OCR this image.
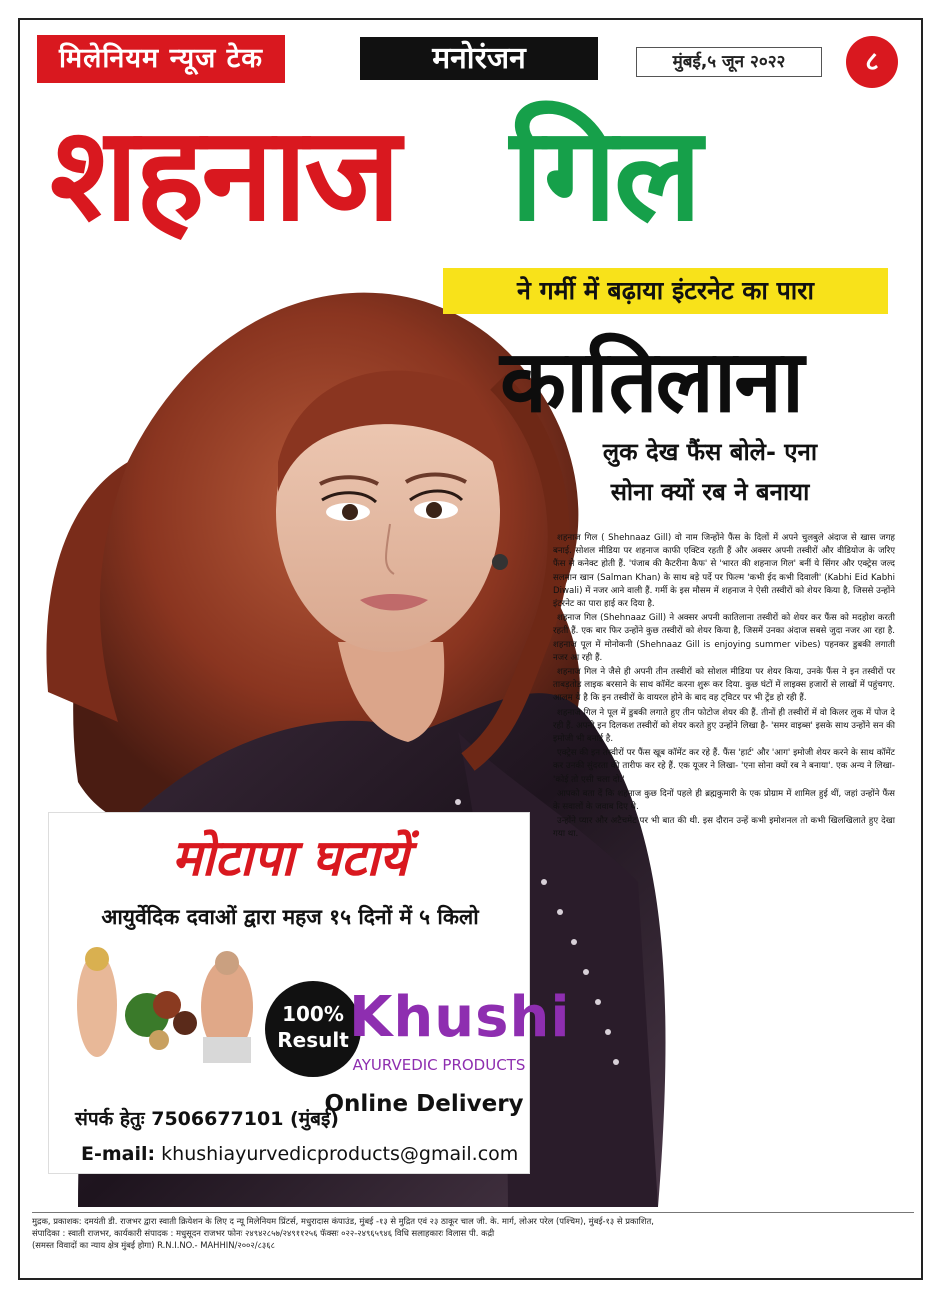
मिलेनियम न्यूज टेक	मनोरंजन	मुंबई,५ जून २०२२	८
शहनाज गिल
ने गर्मी में बढ़ाया इंटरनेट का पारा
कातिलाना
लुक देख फैंस बोले- एना
सोना क्यों रब ने बनाया

शहनाज गिल ( Shehnaaz Gill) वो नाम जिन्होंने फैंस के दिलों में अपने चुलबुले अंदाज से खास जगह बनाई. सोशल मीडिया पर शहनाज काफी एक्टिव रहती हैं और अक्सर अपनी तस्वीरों और वीडियोज के जरिए फैंस से कनेक्ट होती हैं. 'पंजाब की कैटरीना कैफ' से 'भारत की शहनाज गिल' बनीं ये सिंगर और एक्ट्रेस जल्द सलमान खान (Salman Khan) के साथ बड़े पर्दे पर फिल्म 'कभी ईद कभी दिवाली' (Kabhi Eid Kabhi Diwali) में नजर आने वाली हैं. गर्मी के इस मौसम में शहनाज ने ऐसी तस्वीरों को शेयर किया है, जिससे उन्होंने इंटरनेट का पारा हाई कर दिया है.

शहनाज गिल (Shehnaaz Gill) ने अक्सर अपनी कातिलाना तस्वीरों को शेयर कर फैंस को मदहोश करती रहती हैं. एक बार फिर उन्होंने कुछ तस्वीरों को शेयर किया है, जिसमें उनका अंदाज सबसे जुदा नजर आ रहा है. शहनाज पूल में मोनोकनी (Shehnaaz Gill is enjoying summer vibes) पहनकर डुबकी लगाती नजर आ रही हैं.

शहनाज गिल ने जैसे ही अपनी तीन तस्वीरों को सोशल मीडिया पर शेयर किया, उनके फैंस ने इन तस्वीरों पर ताबड़तोड़ लाइक बरसाने के साथ कॉमेंट करना शुरू कर दिया. कुछ घंटों में लाइक्स हजारों से लाखों में पहुंचगए. आलम ये है कि इन तस्वीरों के वायरल होने के बाद वह ट्विटर पर भी ट्रेंड हो रही हैं.

शहनाज गिल ने पूल में डुबकी लगाते हुए तीन फोटोज शेयर की हैं. तीनों ही तस्वीरों में वो किलर लुक में पोज दे रही हैं. अपनी इन दिलकश तस्वीरों को शेयर करते हुए उन्होंने लिखा है- 'समर वाइब्स' इसके साथ उन्होंने सन की इमोजी भी बनाई है.

एक्ट्रेस की इन तस्वीरों पर फैंस खूब कॉमेंट कर रहे हैं. फैंस 'हार्ट' और 'आग' इमोजी शेयर करने के साथ कॉमेंट कर उनकी सुंदरता की तारीफ कर रहे हैं. एक यूजर ने लिखा- 'एना सोना क्यों रब ने बनाया'. एक अन्य ने लिखा- 'कोई तो एसी चला दो.'

आपको बता दें कि शहनाज कुछ दिनों पहले ही ब्रह्मकुमारी के एक प्रोग्राम में शामिल हुई थीं, जहां उन्होंने फैंस के सवालों के जवाब दिए थे.

उन्होंने प्यार और अटैचमेंट पर भी बात की थी. इस दौरान उन्हें कभी इमोशनल तो कभी खिलखिलाते हुए देखा गया था.

मोटापा घटायें
आयुर्वेदिक दवाओं द्वारा महज १५ दिनों में ५ किलो
100%
Result Khushi
AYURVEDIC PRODUCTS
Online Delivery
संपर्क हेतुः 7506677101 (मुंबई)
E-mail: khushiayurvedicproducts@gmail.com
मुद्रक, प्रकाशक: दमयंती डी. राजभर द्वारा स्वाती क्रियेशन के लिए द न्यू मिलेनियम प्रिंटर्स, मधुरादास कंपाउंड, मुंबई -१३ से मुद्रित एवं २३ ठाकूर चाल जी. के. मार्ग, लोअर परेल (पश्चिम), मुंबई-१३ से प्रकाशित,
संपादिका : स्वाती राजभर, कार्यकारी संपादक : मधुसूदन राजभर फोनः २४९४२८५७/२४९११२५६ फॅक्सः ०२२-२४९६५९४६ विधि सलाहकारः विलास पी. कद्री
(समस्त विवादों का न्याय क्षेत्र मुंबई होगा) R.N.I.NO.- MAHHIN/२००२/८३६८
